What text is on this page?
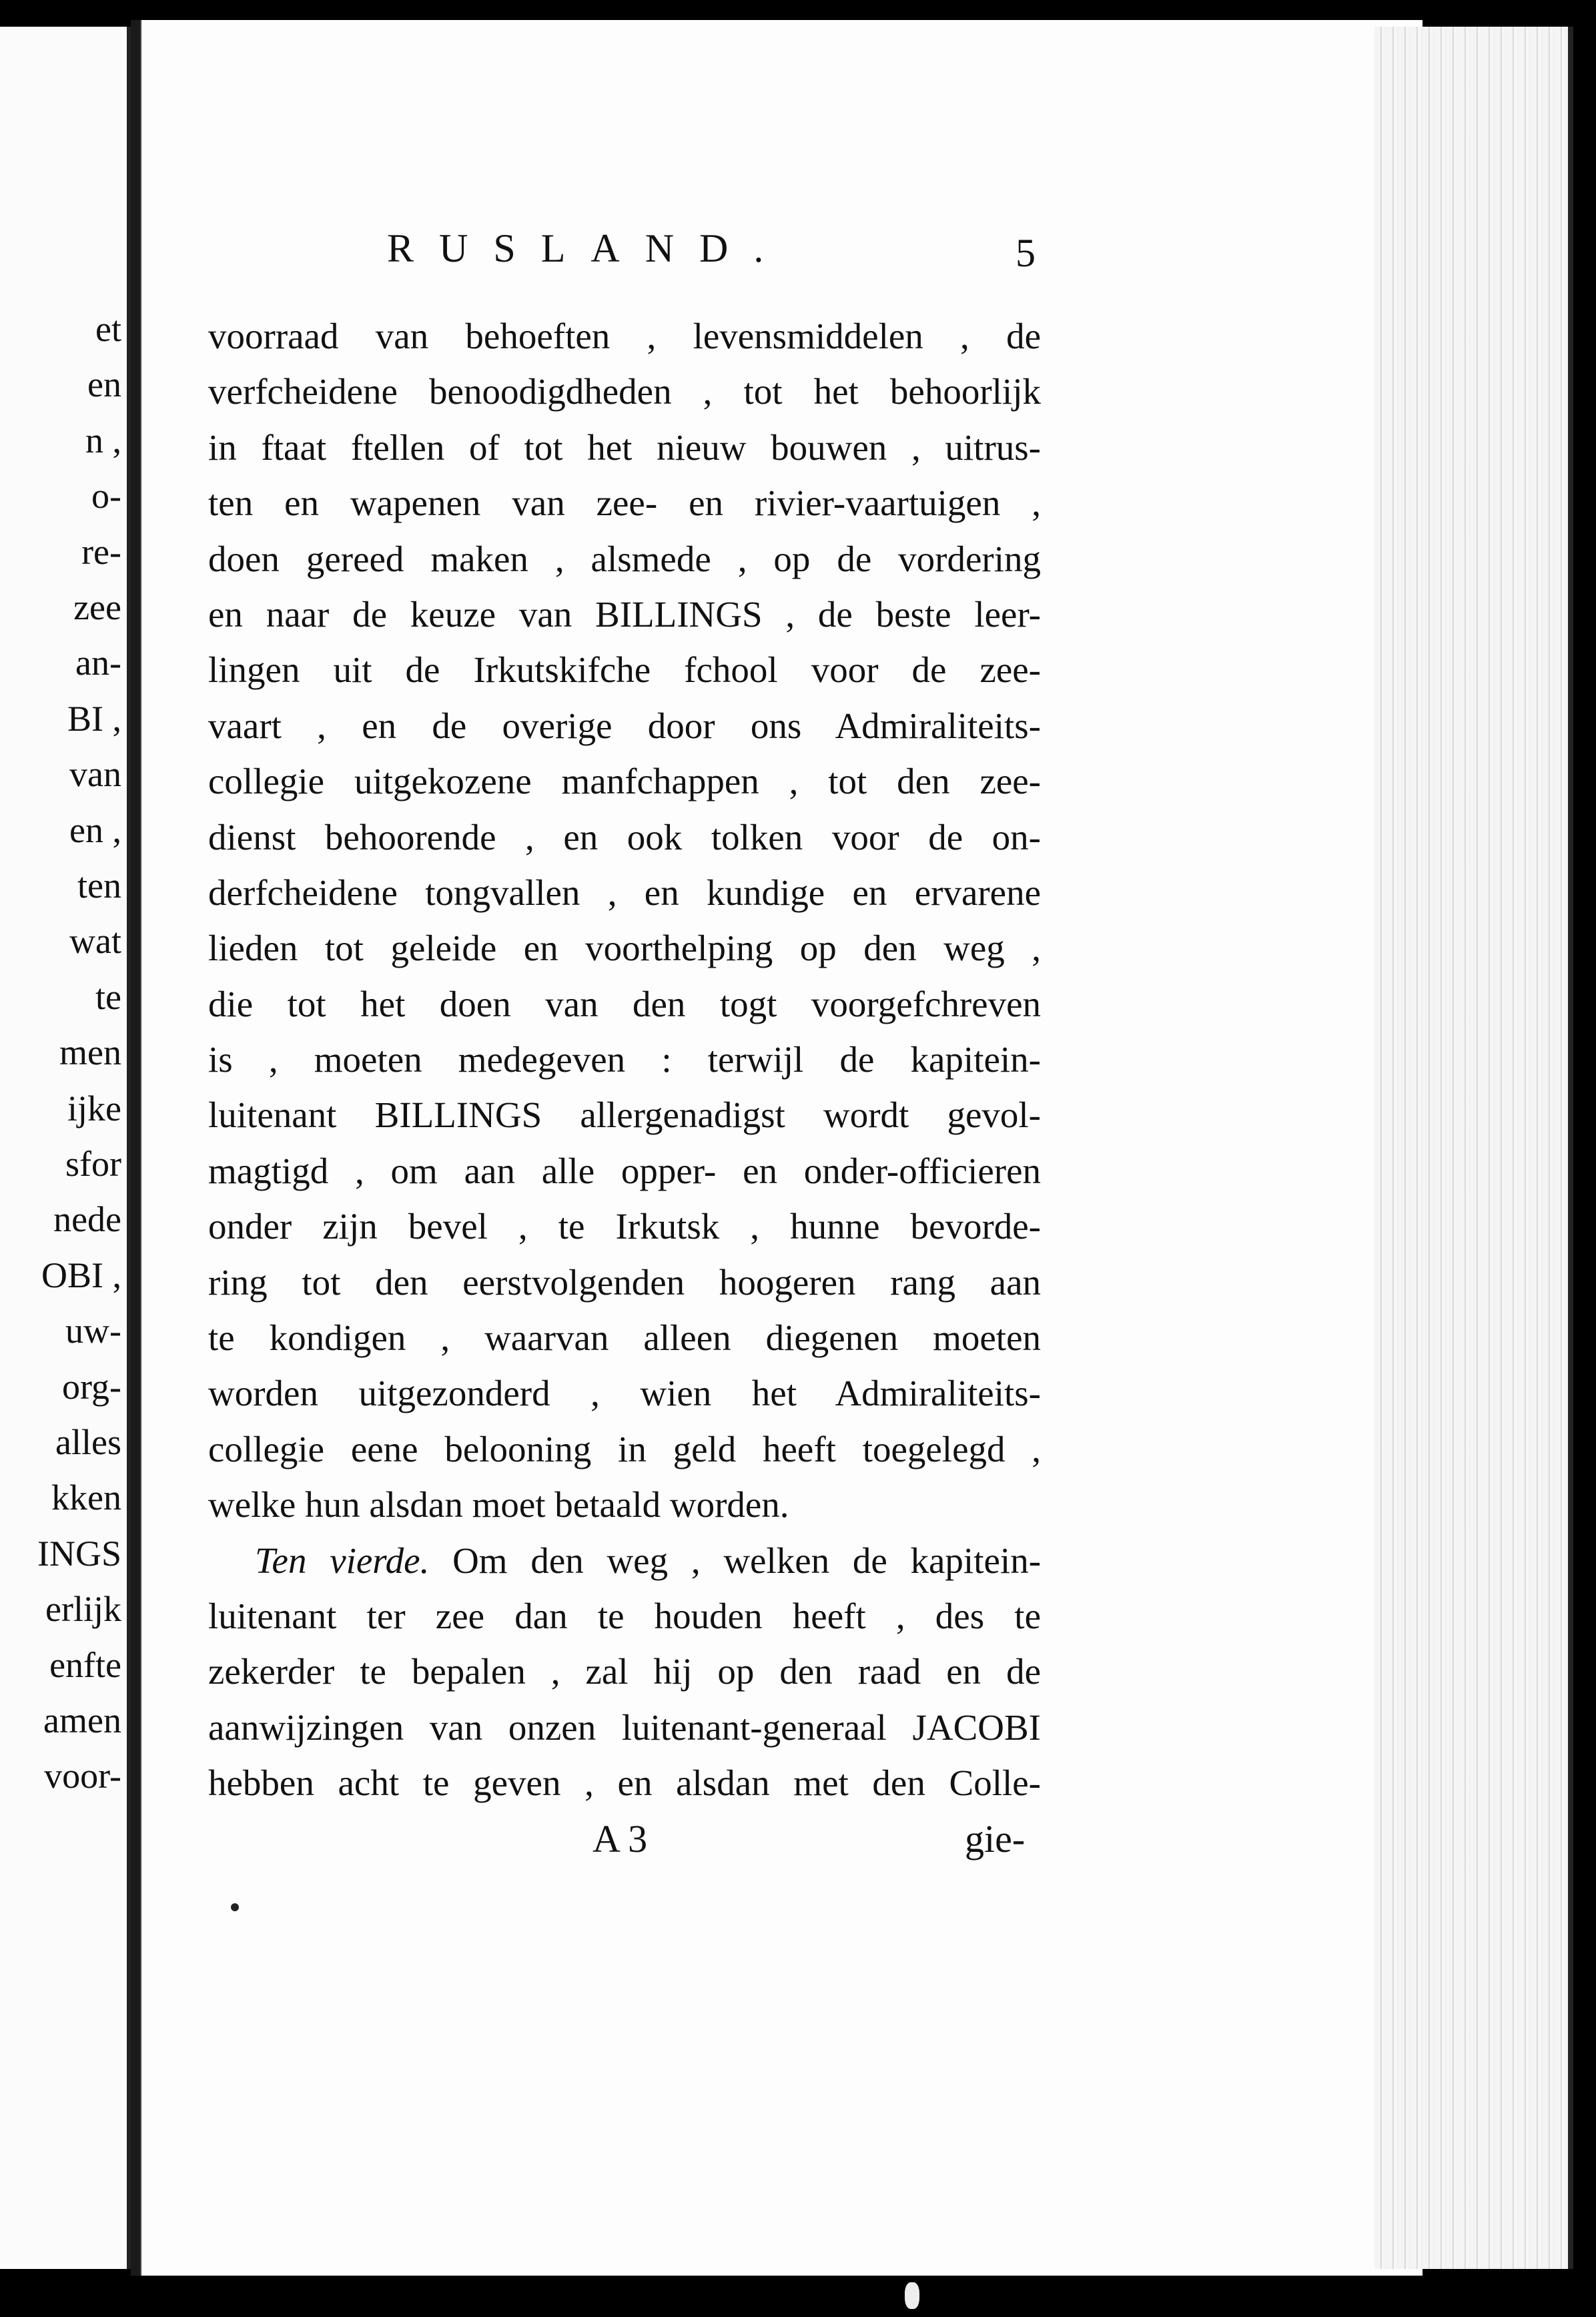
et
en
n ,
o-
re-
zee
an-
BI ,
van
en ,
ten
wat
te
men
ijke
sfor
nede
OBI ,
uw-
org-
alles
kken
INGS
erlijk
enfte
amen
voor-
RUSLAND.	5
voorraad van behoeften , levensmiddelen , de
verfcheidene benoodigdheden , tot het behoorlijk
in ftaat ftellen of tot het nieuw bouwen , uitrus-
ten en wapenen van zee- en rivier-vaartuigen ,
doen gereed maken , alsmede , op de vordering
en naar de keuze van BILLINGS , de beste leer-
lingen uit de Irkutskifche fchool voor de zee-
vaart , en de overige door ons Admiraliteits-
collegie uitgekozene manfchappen , tot den zee-
dienst behoorende , en ook tolken voor de on-
derfcheidene tongvallen , en kundige en ervarene
lieden tot geleide en voorthelping op den weg ,
die tot het doen van den togt voorgefchreven
is , moeten medegeven : terwijl de kapitein-
luitenant BILLINGS allergenadigst wordt gevol-
magtigd , om aan alle opper- en onder-officieren
onder zijn bevel , te Irkutsk , hunne bevorde-
ring tot den eerstvolgenden hoogeren rang aan
te kondigen , waarvan alleen diegenen moeten
worden uitgezonderd , wien het Admiraliteits-
collegie eene belooning in geld heeft toegelegd ,
welke hun alsdan moet betaald worden.
Ten vierde. Om den weg , welken de kapitein-
luitenant ter zee dan te houden heeft , des te
zekerder te bepalen , zal hij op den raad en de
aanwijzingen van onzen luitenant-generaal JACOBI
hebben acht te geven , en alsdan met den Colle-
A 3	gie-
